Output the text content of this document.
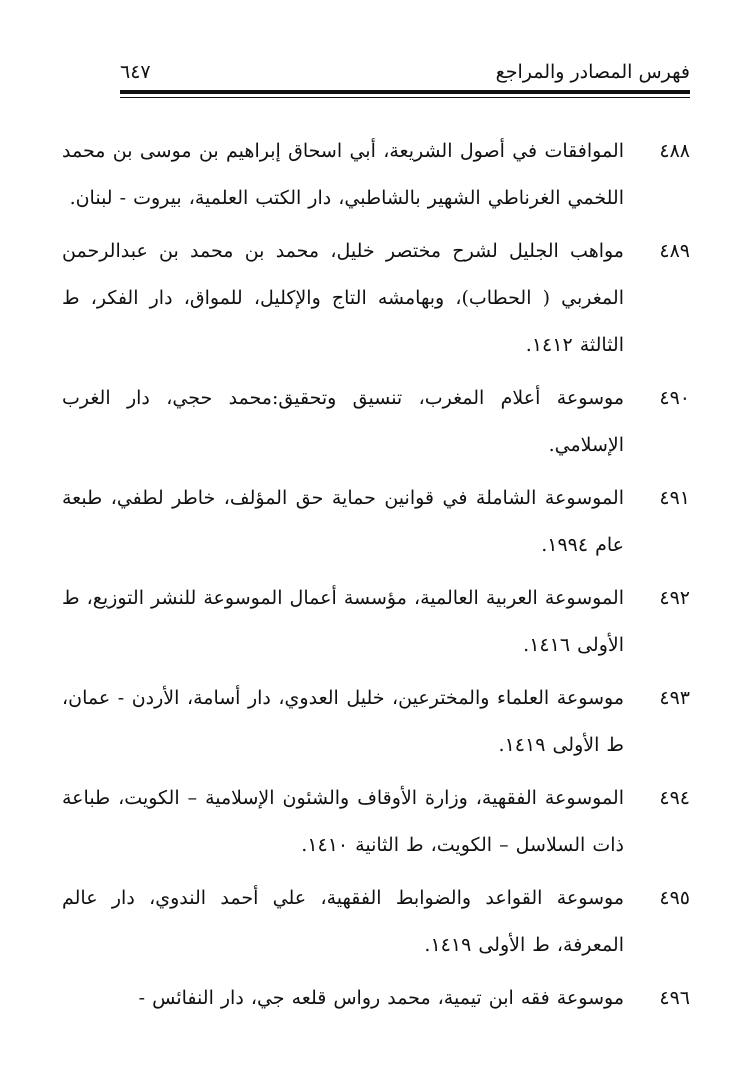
فهرس المصادر والمراجع
٦٤٧
٤٨٨
الموافقات في أصول الشريعة، أبي اسحاق إبراهيم بن موسى بن محمد اللخمي الغرناطي الشهير بالشاطبي، دار الكتب العلمية، بيروت - لبنان.
٤٨٩
مواهب الجليل لشرح مختصر خليل، محمد بن محمد بن عبدالرحمن المغربي ( الحطاب)، وبهامشه التاج والإكليل، للمواق، دار الفكر، ط الثالثة ١٤١٢.
٤٩٠
موسوعة أعلام المغرب، تنسيق وتحقيق:محمد حجي، دار الغرب الإسلامي.
٤٩١
الموسوعة الشاملة في قوانين حماية حق المؤلف، خاطر لطفي، طبعة عام ١٩٩٤.
٤٩٢
الموسوعة العربية العالمية، مؤسسة أعمال الموسوعة للنشر التوزيع، ط الأولى ١٤١٦.
٤٩٣
موسوعة العلماء والمخترعين، خليل العدوي، دار أسامة، الأردن - عمان، ط الأولى ١٤١٩.
٤٩٤
الموسوعة الفقهية، وزارة الأوقاف والشئون الإسلامية – الكويت، طباعة ذات السلاسل – الكويت، ط الثانية ١٤١٠.
٤٩٥
موسوعة القواعد والضوابط الفقهية، علي أحمد الندوي، دار عالم المعرفة، ط الأولى ١٤١٩.
٤٩٦
موسوعة فقه ابن تيمية، محمد رواس قلعه جي، دار النفائس -
